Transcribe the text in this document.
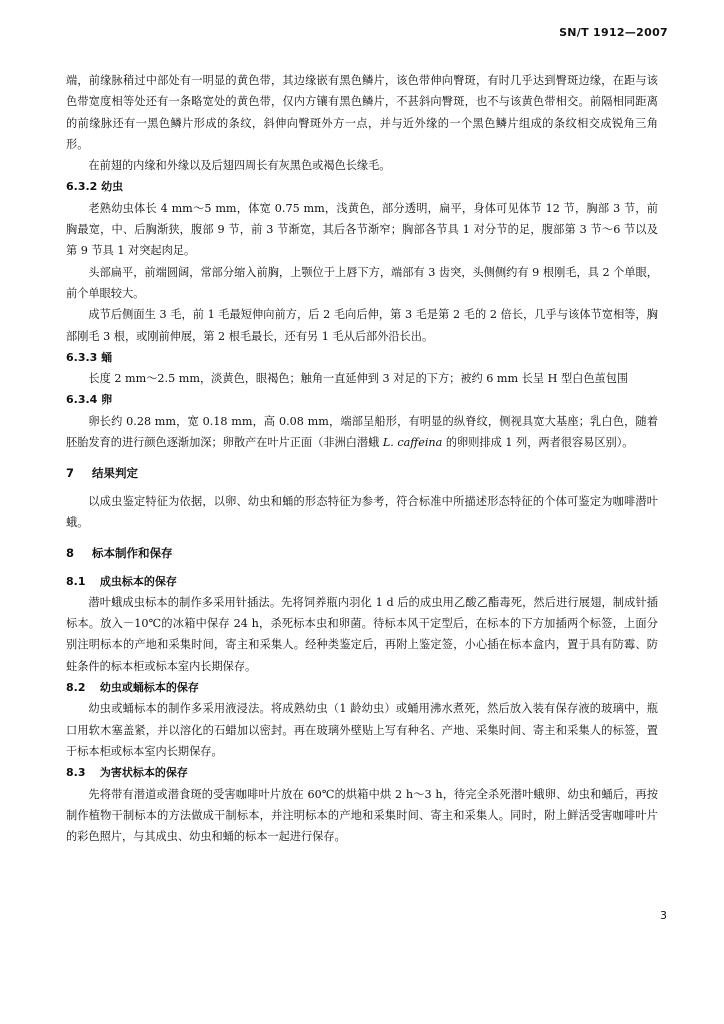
SN/T 1912—2007

端，前缘脉稍过中部处有一明显的黄色带，其边缘嵌有黑色鳞片，该色带伸向臀斑，有时几乎达到臀斑边缘，在距与该色带宽度相等处还有一条略宽处的黄色带，仅内方镶有黑色鳞片，不甚斜向臀斑，也不与该黄色带相交。前隔相同距离的前缘脉还有一黑色鳞片形成的条纹，斜伸向臀斑外方一点，并与近外缘的一个黑色鳞片组成的条纹相交成锐角三角形。

在前翅的内缘和外缘以及后翅四周长有灰黑色或褐色长缘毛。

6.3.2 幼虫

老熟幼虫体长 4 mm～5 mm，体宽 0.75 mm，浅黄色，部分透明，扁平，身体可见体节 12 节，胸部 3 节，前胸最宽，中、后胸渐狭，腹部 9 节，前 3 节渐宽，其后各节渐窄；胸部各节具 1 对分节的足，腹部第 3 节～6 节以及第 9 节具 1 对突起肉足。

头部扁平，前端圆阔，常部分缩入前胸，上颚位于上唇下方，端部有 3 齿突，头侧侧约有 9 根刚毛，具 2 个单眼，前个单眼较大。

成节后侧面生 3 毛，前 1 毛最短伸向前方，后 2 毛向后伸，第 3 毛是第 2 毛的 2 倍长，几乎与该体节宽相等，胸部刚毛 3 根，或刚前伸展，第 2 根毛最长，还有另 1 毛从后部外沿长出。

6.3.3 蛹

长度 2 mm～2.5 mm，淡黄色，眼褐色；触角一直延伸到 3 对足的下方；被约 6 mm 长呈 H 型白色茧包围

6.3.4 卵

卵长约 0.28 mm，宽 0.18 mm，高 0.08 mm，端部呈船形，有明显的纵脊纹，侧视具宽大基座；乳白色，随着胚胎发育的进行颜色逐渐加深；卵散产在叶片正面（非洲白潜蛾 L. caffeina 的卵则排成 1 列，两者很容易区别）。

7 结果判定

以成虫鉴定特征为依据，以卵、幼虫和蛹的形态特征为参考，符合标准中所描述形态特征的个体可鉴定为咖啡潜叶蛾。

8 标本制作和保存
8.1 成虫标本的保存

潜叶蛾成虫标本的制作多采用针插法。先将饲养瓶内羽化 1 d 后的成虫用乙酸乙酯毒死，然后进行展翅，制成针插标本。放入－10℃的冰箱中保存 24 h，杀死标本虫和卵菌。待标本风干定型后，在标本的下方加插两个标签，上面分别注明标本的产地和采集时间，寄主和采集人。经种类鉴定后，再附上鉴定签，小心插在标本盒内，置于具有防霉、防蛀条件的标本柜或标本室内长期保存。

8.2 幼虫或蛹标本的保存

幼虫或蛹标本的制作多采用液浸法。将成熟幼虫（1 龄幼虫）或蛹用沸水煮死，然后放入装有保存液的玻璃中，瓶口用软木塞盖紧，并以溶化的石蜡加以密封。再在玻璃外壁贴上写有种名、产地、采集时间、寄主和采集人的标签，置于标本柜或标本室内长期保存。

8.3 为害状标本的保存

先将带有潜道或潜食斑的受害咖啡叶片放在 60℃的烘箱中烘 2 h～3 h，待完全杀死潜叶蛾卵、幼虫和蛹后，再按制作植物干制标本的方法做成干制标本，并注明标本的产地和采集时间、寄主和采集人。同时，附上鲜活受害咖啡叶片的彩色照片，与其成虫、幼虫和蛹的标本一起进行保存。

3
